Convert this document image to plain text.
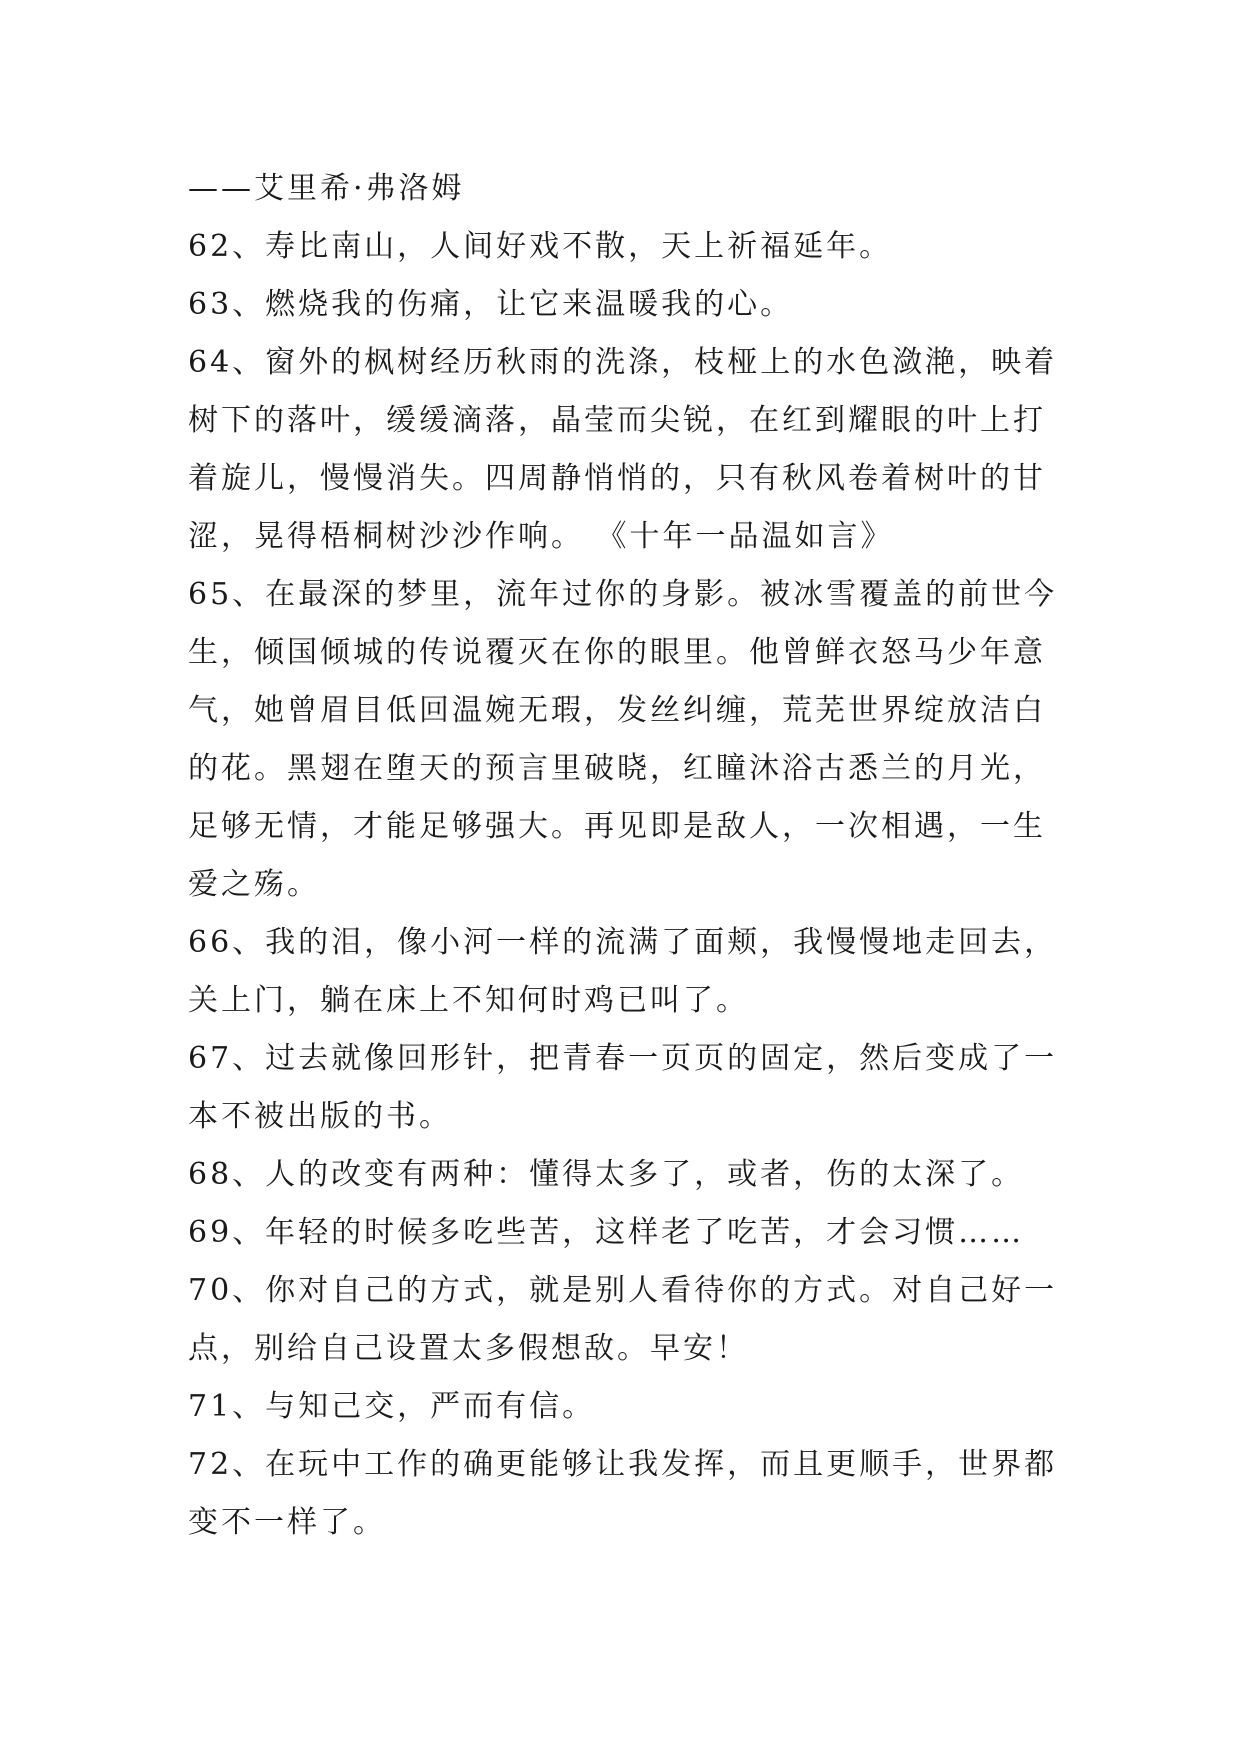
——艾里希·弗洛姆
62、寿比南山，人间好戏不散，天上祈福延年。
63、燃烧我的伤痛，让它来温暖我的心。
64、窗外的枫树经历秋雨的洗涤，枝桠上的水色潋滟，映着
树下的落叶，缓缓滴落，晶莹而尖锐，在红到耀眼的叶上打
着旋儿，慢慢消失。四周静悄悄的，只有秋风卷着树叶的甘
涩，晃得梧桐树沙沙作响。 《十年一品温如言》
65、在最深的梦里，流年过你的身影。被冰雪覆盖的前世今
生，倾国倾城的传说覆灭在你的眼里。他曾鲜衣怒马少年意
气，她曾眉目低回温婉无瑕，发丝纠缠，荒芜世界绽放洁白
的花。黑翅在堕天的预言里破晓，红瞳沐浴古悉兰的月光，
足够无情，才能足够强大。再见即是敌人，一次相遇，一生
爱之殇。
66、我的泪，像小河一样的流满了面颊，我慢慢地走回去，
关上门，躺在床上不知何时鸡已叫了。
67、过去就像回形针，把青春一页页的固定，然后变成了一
本不被出版的书。
68、人的改变有两种：懂得太多了，或者，伤的太深了。
69、年轻的时候多吃些苦，这样老了吃苦，才会习惯……
70、你对自己的方式，就是别人看待你的方式。对自己好一
点，别给自己设置太多假想敌。早安！
71、与知己交，严而有信。
72、在玩中工作的确更能够让我发挥，而且更顺手，世界都
变不一样了。
